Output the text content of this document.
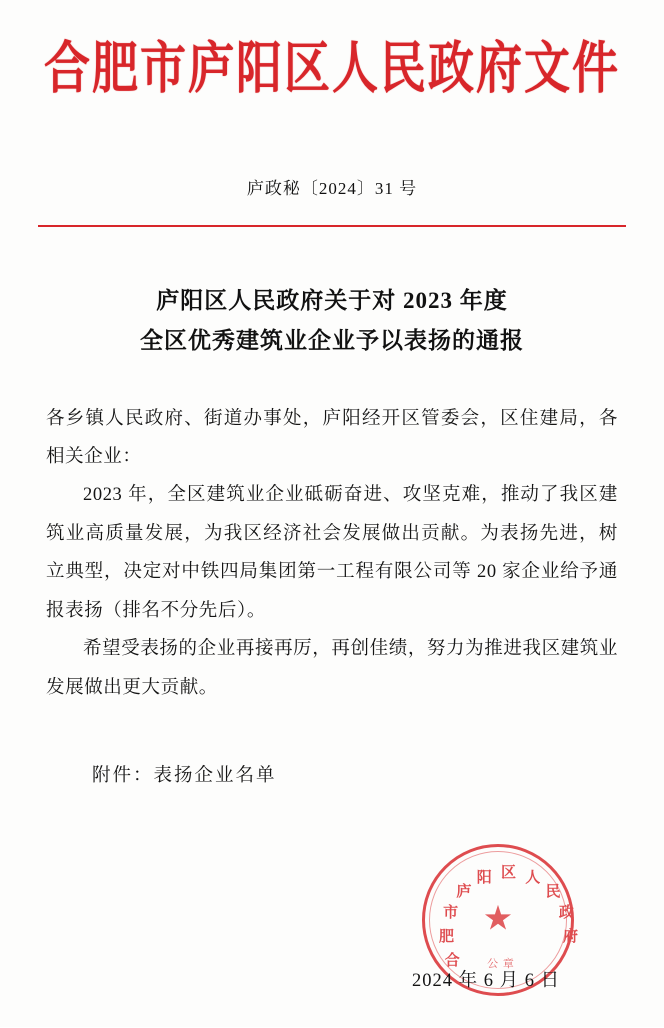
合肥市庐阳区人民政府文件
庐政秘〔2024〕31 号
庐阳区人民政府关于对 2023 年度
全区优秀建筑业企业予以表扬的通报

各乡镇人民政府、街道办事处，庐阳经开区管委会，区住建局，各相关企业：

2023 年，全区建筑业企业砥砺奋进、攻坚克难，推动了我区建筑业高质量发展，为我区经济社会发展做出贡献。为表扬先进，树立典型，决定对中铁四局集团第一工程有限公司等 20 家企业给予通报表扬（排名不分先后）。

希望受表扬的企业再接再厉，再创佳绩，努力为推进我区建筑业发展做出更大贡献。

附件：表扬企业名单
合
肥
市
庐
阳 区 人
民
政
府
★
公 章
2024 年 6 月 6 日
